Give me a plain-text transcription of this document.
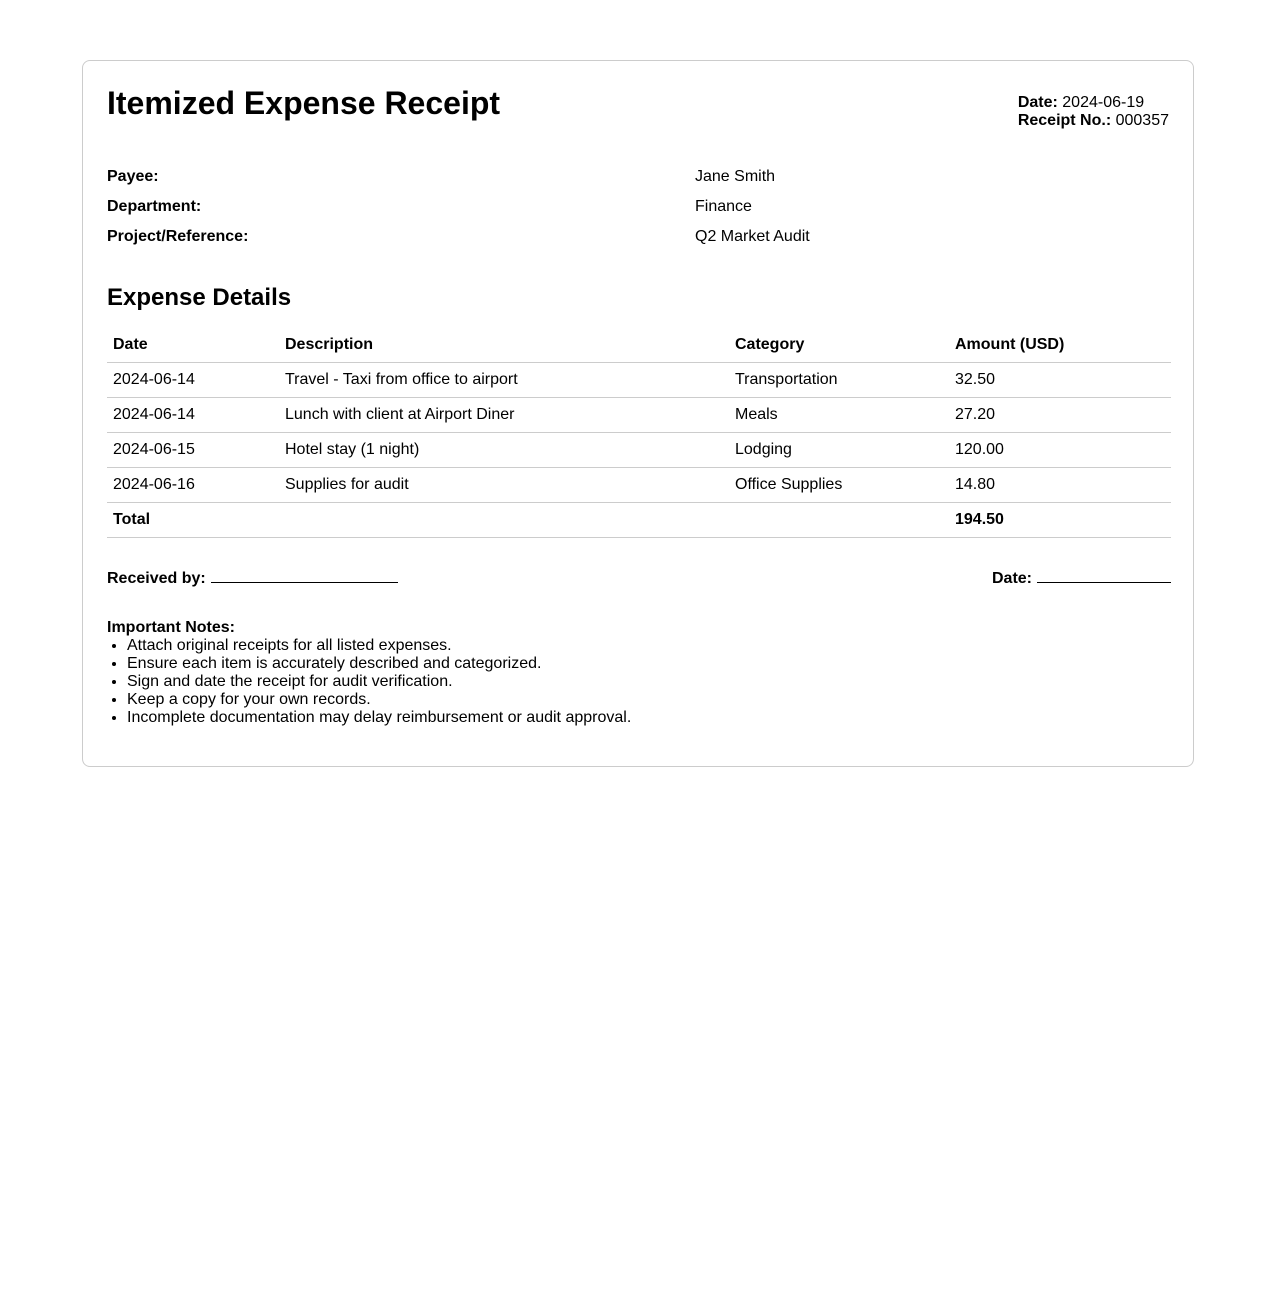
Itemized Expense Receipt	Date: 2024-06-19
Receipt No.: 000357
Payee:	Jane Smith
Department:	Finance
Project/Reference:	Q2 Market Audit
Expense Details
Date	Description	Category	Amount (USD)
2024-06-14	Travel - Taxi from office to airport	Transportation	32.50
2024-06-14	Lunch with client at Airport Diner	Meals	27.20
2024-06-15	Hotel stay (1 night)	Lodging	120.00
2024-06-16	Supplies for audit	Office Supplies	14.80
Total			194.50
Received by:	Date:
Important Notes:
• Attach original receipts for all listed expenses.
• Ensure each item is accurately described and categorized.
• Sign and date the receipt for audit verification.
• Keep a copy for your own records.
• Incomplete documentation may delay reimbursement or audit approval.
